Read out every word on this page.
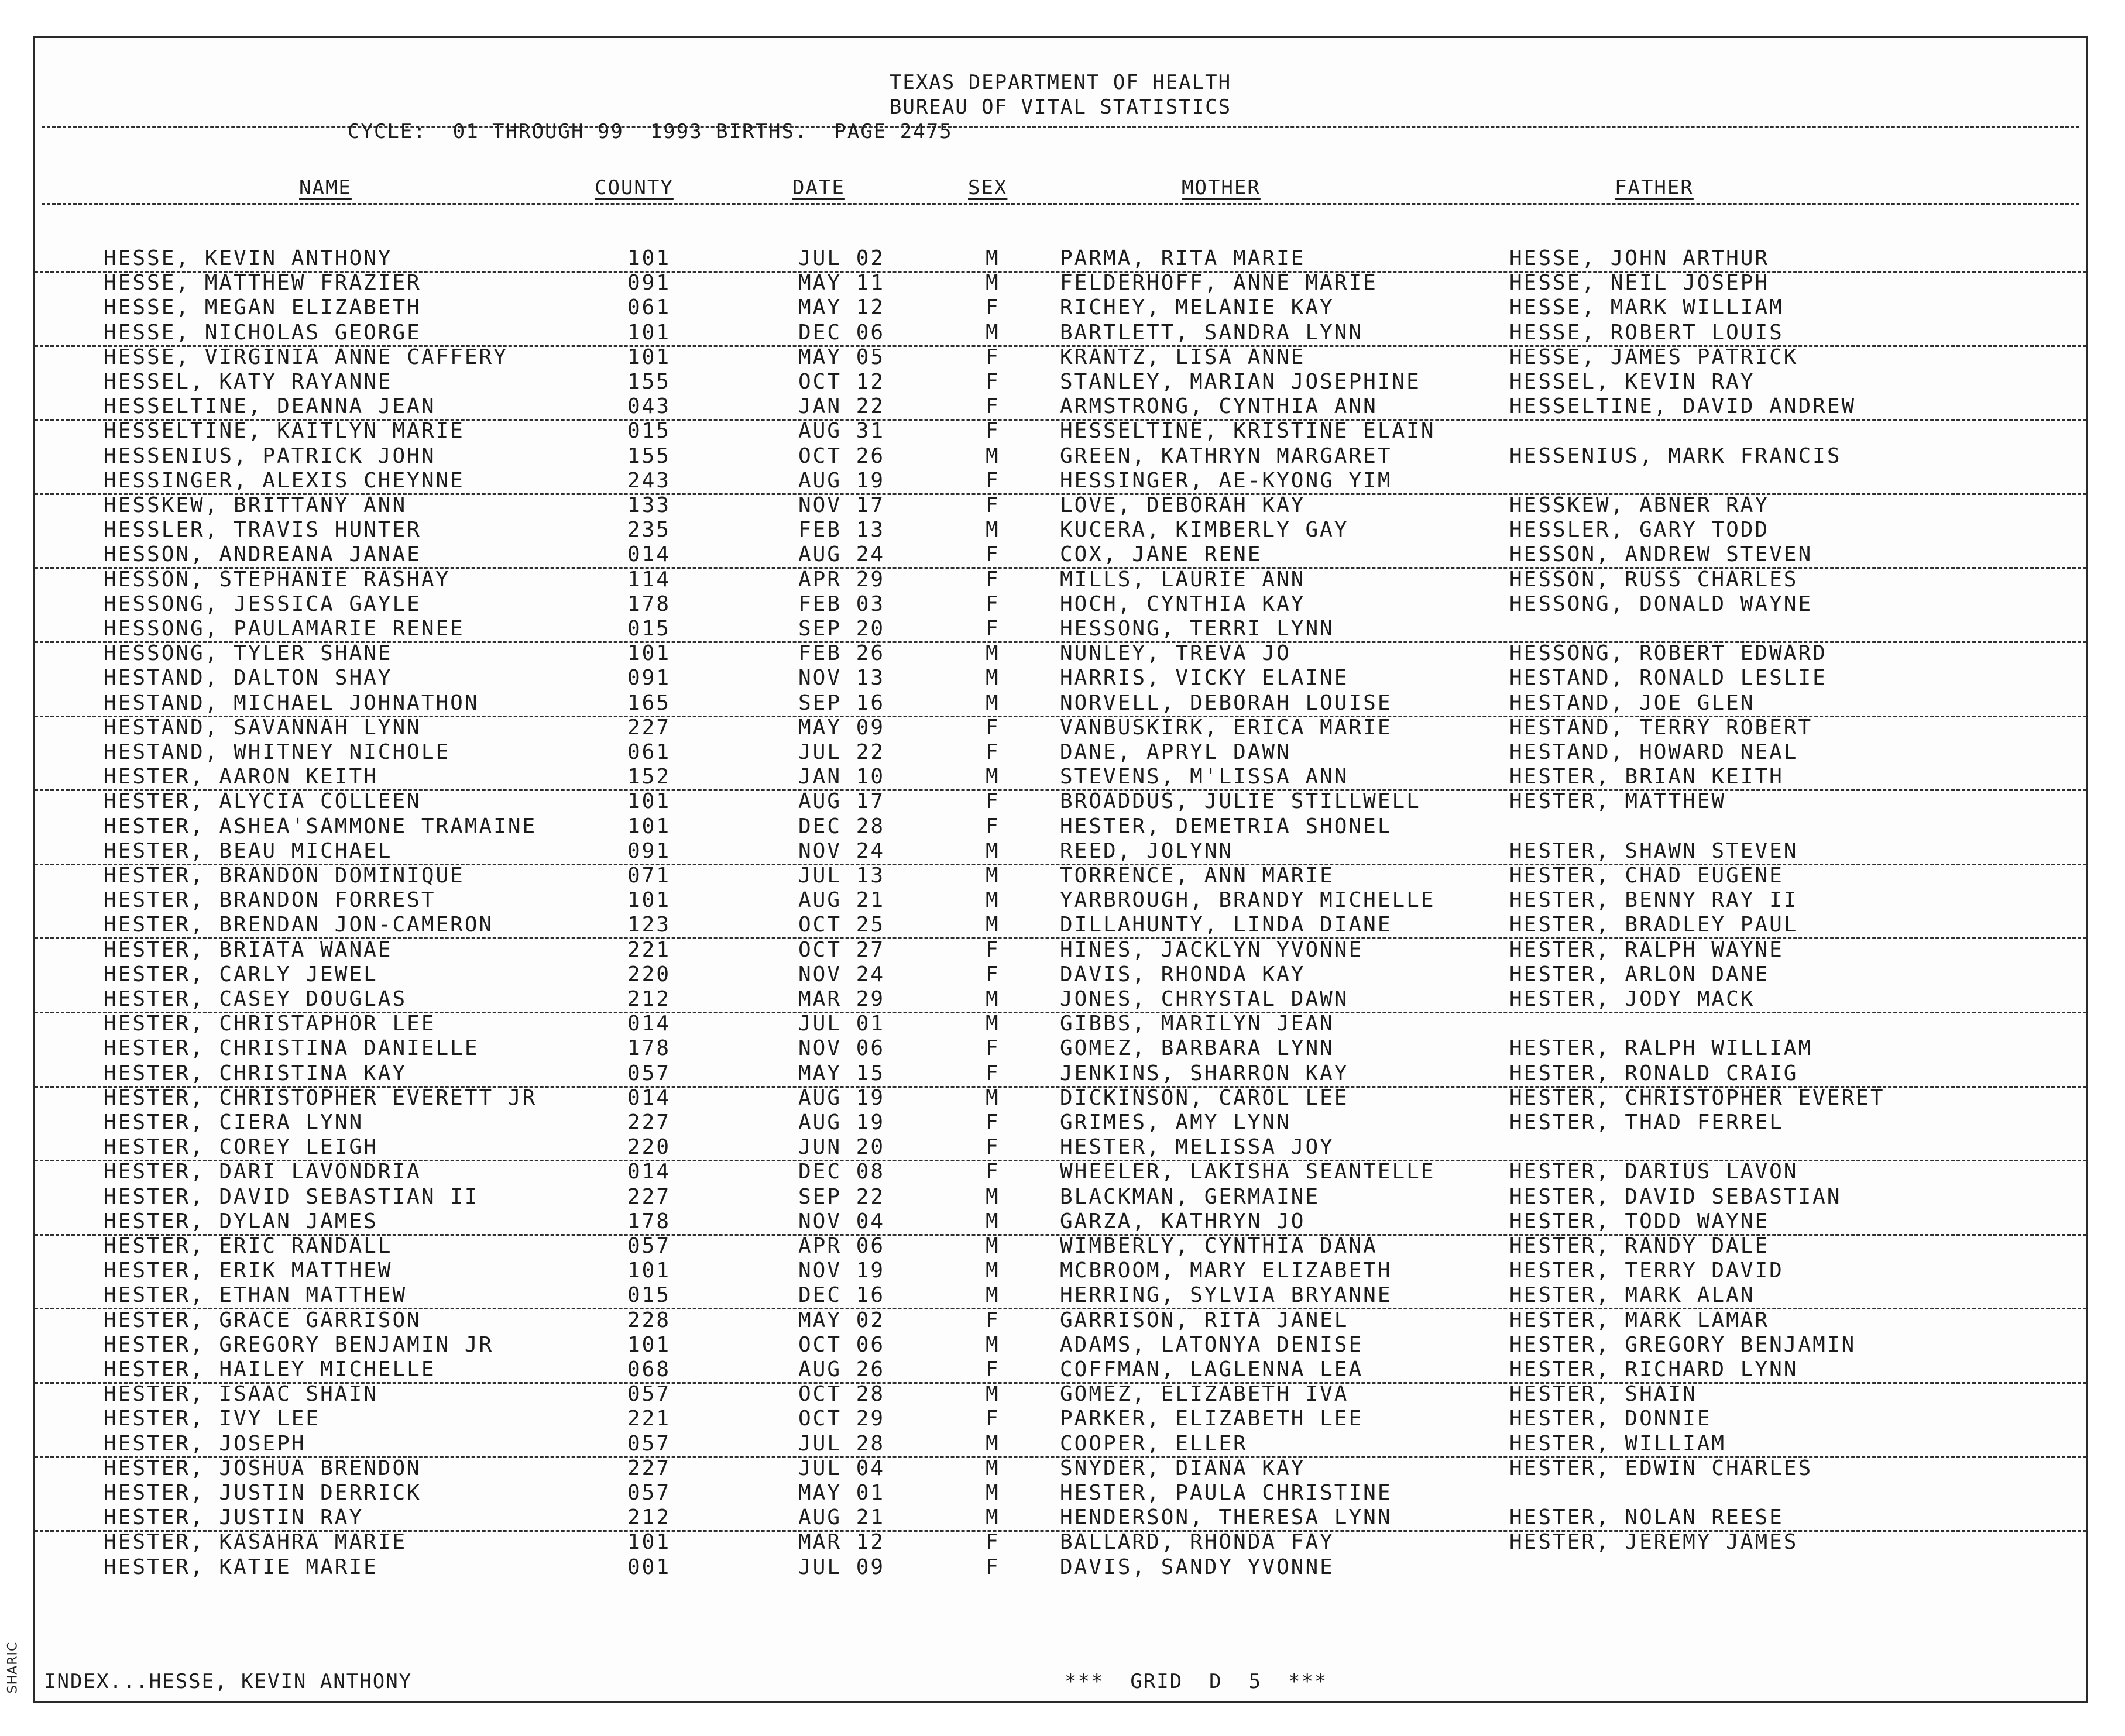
TEXAS DEPARTMENT OF HEALTH
BUREAU OF VITAL STATISTICS
CYCLE:  01 THROUGH 99  1993 BIRTHS.  PAGE 2475
NAME	COUNTY	DATE	SEX	MOTHER	FATHER
HESSE, KEVIN ANTHONY	101	JUL 02	M	PARMA, RITA MARIE	HESSE, JOHN ARTHUR
HESSE, MATTHEW FRAZIER	091	MAY 11	M	FELDERHOFF, ANNE MARIE	HESSE, NEIL JOSEPH
HESSE, MEGAN ELIZABETH	061	MAY 12	F	RICHEY, MELANIE KAY	HESSE, MARK WILLIAM
HESSE, NICHOLAS GEORGE	101	DEC 06	M	BARTLETT, SANDRA LYNN	HESSE, ROBERT LOUIS
HESSE, VIRGINIA ANNE CAFFERY	101	MAY 05	F	KRANTZ, LISA ANNE	HESSE, JAMES PATRICK
HESSEL, KATY RAYANNE	155	OCT 12	F	STANLEY, MARIAN JOSEPHINE	HESSEL, KEVIN RAY
HESSELTINE, DEANNA JEAN	043	JAN 22	F	ARMSTRONG, CYNTHIA ANN	HESSELTINE, DAVID ANDREW
HESSELTINE, KAITLYN MARIE	015	AUG 31	F	HESSELTINE, KRISTINE ELAIN
HESSENIUS, PATRICK JOHN	155	OCT 26	M	GREEN, KATHRYN MARGARET	HESSENIUS, MARK FRANCIS
HESSINGER, ALEXIS CHEYNNE	243	AUG 19	F	HESSINGER, AE-KYONG YIM
HESSKEW, BRITTANY ANN	133	NOV 17	F	LOVE, DEBORAH KAY	HESSKEW, ABNER RAY
HESSLER, TRAVIS HUNTER	235	FEB 13	M	KUCERA, KIMBERLY GAY	HESSLER, GARY TODD
HESSON, ANDREANA JANAE	014	AUG 24	F	COX, JANE RENE	HESSON, ANDREW STEVEN
HESSON, STEPHANIE RASHAY	114	APR 29	F	MILLS, LAURIE ANN	HESSON, RUSS CHARLES
HESSONG, JESSICA GAYLE	178	FEB 03	F	HOCH, CYNTHIA KAY	HESSONG, DONALD WAYNE
HESSONG, PAULAMARIE RENEE	015	SEP 20	F	HESSONG, TERRI LYNN
HESSONG, TYLER SHANE	101	FEB 26	M	NUNLEY, TREVA JO	HESSONG, ROBERT EDWARD
HESTAND, DALTON SHAY	091	NOV 13	M	HARRIS, VICKY ELAINE	HESTAND, RONALD LESLIE
HESTAND, MICHAEL JOHNATHON	165	SEP 16	M	NORVELL, DEBORAH LOUISE	HESTAND, JOE GLEN
HESTAND, SAVANNAH LYNN	227	MAY 09	F	VANBUSKIRK, ERICA MARIE	HESTAND, TERRY ROBERT
HESTAND, WHITNEY NICHOLE	061	JUL 22	F	DANE, APRYL DAWN	HESTAND, HOWARD NEAL
HESTER, AARON KEITH	152	JAN 10	M	STEVENS, M'LISSA ANN	HESTER, BRIAN KEITH
HESTER, ALYCIA COLLEEN	101	AUG 17	F	BROADDUS, JULIE STILLWELL	HESTER, MATTHEW
HESTER, ASHEA'SAMMONE TRAMAINE	101	DEC 28	F	HESTER, DEMETRIA SHONEL
HESTER, BEAU MICHAEL	091	NOV 24	M	REED, JOLYNN	HESTER, SHAWN STEVEN
HESTER, BRANDON DOMINIQUE	071	JUL 13	M	TORRENCE, ANN MARIE	HESTER, CHAD EUGENE
HESTER, BRANDON FORREST	101	AUG 21	M	YARBROUGH, BRANDY MICHELLE	HESTER, BENNY RAY II
HESTER, BRENDAN JON-CAMERON	123	OCT 25	M	DILLAHUNTY, LINDA DIANE	HESTER, BRADLEY PAUL
HESTER, BRIATA WANAE	221	OCT 27	F	HINES, JACKLYN YVONNE	HESTER, RALPH WAYNE
HESTER, CARLY JEWEL	220	NOV 24	F	DAVIS, RHONDA KAY	HESTER, ARLON DANE
HESTER, CASEY DOUGLAS	212	MAR 29	M	JONES, CHRYSTAL DAWN	HESTER, JODY MACK
HESTER, CHRISTAPHOR LEE	014	JUL 01	M	GIBBS, MARILYN JEAN
HESTER, CHRISTINA DANIELLE	178	NOV 06	F	GOMEZ, BARBARA LYNN	HESTER, RALPH WILLIAM
HESTER, CHRISTINA KAY	057	MAY 15	F	JENKINS, SHARRON KAY	HESTER, RONALD CRAIG
HESTER, CHRISTOPHER EVERETT JR	014	AUG 19	M	DICKINSON, CAROL LEE	HESTER, CHRISTOPHER EVERET
HESTER, CIERA LYNN	227	AUG 19	F	GRIMES, AMY LYNN	HESTER, THAD FERREL
HESTER, COREY LEIGH	220	JUN 20	F	HESTER, MELISSA JOY
HESTER, DARI LAVONDRIA	014	DEC 08	F	WHEELER, LAKISHA SEANTELLE	HESTER, DARIUS LAVON
HESTER, DAVID SEBASTIAN II	227	SEP 22	M	BLACKMAN, GERMAINE	HESTER, DAVID SEBASTIAN
HESTER, DYLAN JAMES	178	NOV 04	M	GARZA, KATHRYN JO	HESTER, TODD WAYNE
HESTER, ERIC RANDALL	057	APR 06	M	WIMBERLY, CYNTHIA DANA	HESTER, RANDY DALE
HESTER, ERIK MATTHEW	101	NOV 19	M	MCBROOM, MARY ELIZABETH	HESTER, TERRY DAVID
HESTER, ETHAN MATTHEW	015	DEC 16	M	HERRING, SYLVIA BRYANNE	HESTER, MARK ALAN
HESTER, GRACE GARRISON	228	MAY 02	F	GARRISON, RITA JANEL	HESTER, MARK LAMAR
HESTER, GREGORY BENJAMIN JR	101	OCT 06	M	ADAMS, LATONYA DENISE	HESTER, GREGORY BENJAMIN
HESTER, HAILEY MICHELLE	068	AUG 26	F	COFFMAN, LAGLENNA LEA	HESTER, RICHARD LYNN
HESTER, ISAAC SHAIN	057	OCT 28	M	GOMEZ, ELIZABETH IVA	HESTER, SHAIN
HESTER, IVY LEE	221	OCT 29	F	PARKER, ELIZABETH LEE	HESTER, DONNIE
HESTER, JOSEPH	057	JUL 28	M	COOPER, ELLER	HESTER, WILLIAM
HESTER, JOSHUA BRENDON	227	JUL 04	M	SNYDER, DIANA KAY	HESTER, EDWIN CHARLES
HESTER, JUSTIN DERRICK	057	MAY 01	M	HESTER, PAULA CHRISTINE
HESTER, JUSTIN RAY	212	AUG 21	M	HENDERSON, THERESA LYNN	HESTER, NOLAN REESE
HESTER, KASAHRA MARIE	101	MAR 12	F	BALLARD, RHONDA FAY	HESTER, JEREMY JAMES
HESTER, KATIE MARIE	001	JUL 09	F	DAVIS, SANDY YVONNE
INDEX...HESSE, KEVIN ANTHONY	***  GRID  D  5  ***
SHARIC
